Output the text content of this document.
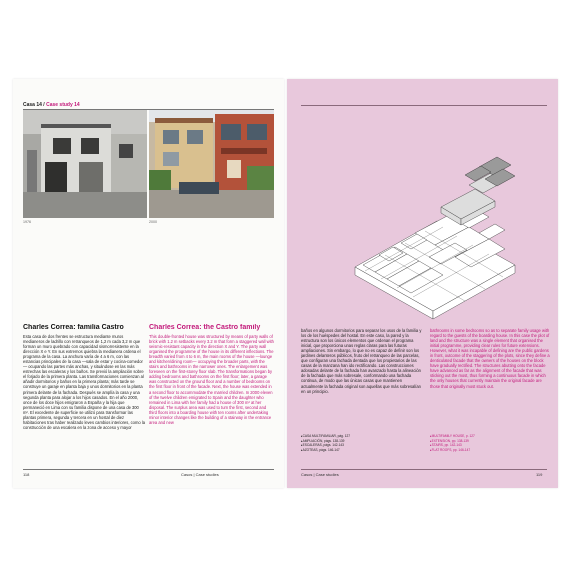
Casa 14 / Case study 14
1976	2000
Charles Correa: familia Castro

Esta casa de dos frentes se estructura mediante muros medianeros de ladrillo con retranqueos de 1,2 m cada 3,2 m que forman un muro quebrado con capacidad sismorresistente en la dirección X e Y. En sus extremos quiebra la medianera ordena el programa de la casa. La anchura varía de 4 a 6 m, con las estancias principales de la casa —sala de estar y cocina-comedor— ocupando las partes más anchas, y situándose en las más estrechas las escaleras y los baños. Se previó la ampliación sobre el forjado de la primera planta. Las transformaciones comienzan al añadir dormitorios y baños en la primera planta; más tarde se construye un garaje en planta baja y unos dormitorios en la planta primera delante de la fachada. Después se amplía la casa y una segunda planta para alojar a los hijos casados. En el año 2000, once de los doce hijos emigraron a España y la hija que permaneció en Lima con su familia dispone de una casa de 300 m². El excedente de superficie se utilizó para transformar las plantas primera, segunda y tercera en un hostal de diez habitaciones tras haber realizado leves cambios interiores, como la construcción de una escalera en la zona de acceso y mayor

Charles Correa: the Castro family

This double-fronted house was structured by means of party walls of brick with 1.2 m setbacks every 3.2 m that form a staggered wall with seismic-resistant capacity in the direction X and Y. The party wall organised the programme of the house in its different inflections. The breadth varied from 4 to 6 m, the main rooms of the house —lounge and kitchen/dining room— occupying the broader parts, with the stairs and bathrooms in the narrower ones. The enlargement was foreseen on the first-storey floor slab. The transformations began by adding bedrooms and bathrooms on the first floor; later, a garage was constructed on the ground floor and a number of bedrooms on the first floor in front of the facade. Next, the house was extended in a second floor to accommodate the married children. In 2000 eleven of the twelve children emigrated to Spain and the daughter who remained in Lima with her family had a house of 300 m² at her disposal. The surplus area was used to turn the first, second and third floors into a boarding house with ten rooms after undertaking minor interior changes like the building of a stairway in the entrance area and new

118	Casos | Case studies

baños en algunos dormitorios para separar los usos de la familia y los de los huéspedes del hostal. En este caso, la pared y la estructura son los únicos elementos que ordenan el programa inicial, que proporciona unas reglas claras para las futuras ampliaciones. Sin embargo, lo que no es capaz de definir son los jardines delanteros públicos, fruto del retranqueo de las parcelas, que configuran una fachada dentada que los propietarios de las casas de la manzana han ido rectificando. Las construcciones adosadas delante de la fachada han avanzado hasta la alineación de la fachada que más sobresale, conformando una fachada continua, de modo que las únicas casas que mantienen actualmente la fachada original son aquellas que más sobresalían en un principio.

bathrooms in some bedrooms so as to separate family usage with regard to the guests of the boarding house. In this case the plot of land and the structure was a single element that organised the initial programme, providing clear rules for future extensions. However, what it was incapable of defining are the public gardens in front, outcome of the staggering of the plots, since they define a denticulated facade that the owners of the houses on the block have gradually rectified. The structures abutting onto the facade have advanced as far as the alignment of the facade that was sticking out the most, thus forming a continuous facade in which the only houses that currently maintain the original facade are those that originally most stuck out.

▸ CASA MULTIFAMILIAR, pág. 127
▸ AMPLIACIÓN, págs. 138-139
▸ ESCALERAS, págs. 142-143
▸ AZOTEAS, págs. 146-147
▸ MULTIFAMILY HOUSE, p. 127
▸ EXTENSION, pp. 138-139
▸ STAIRS, pp. 142-143
▸ FLAT ROOFS, pp. 146-147
Casos | Case studies	119
